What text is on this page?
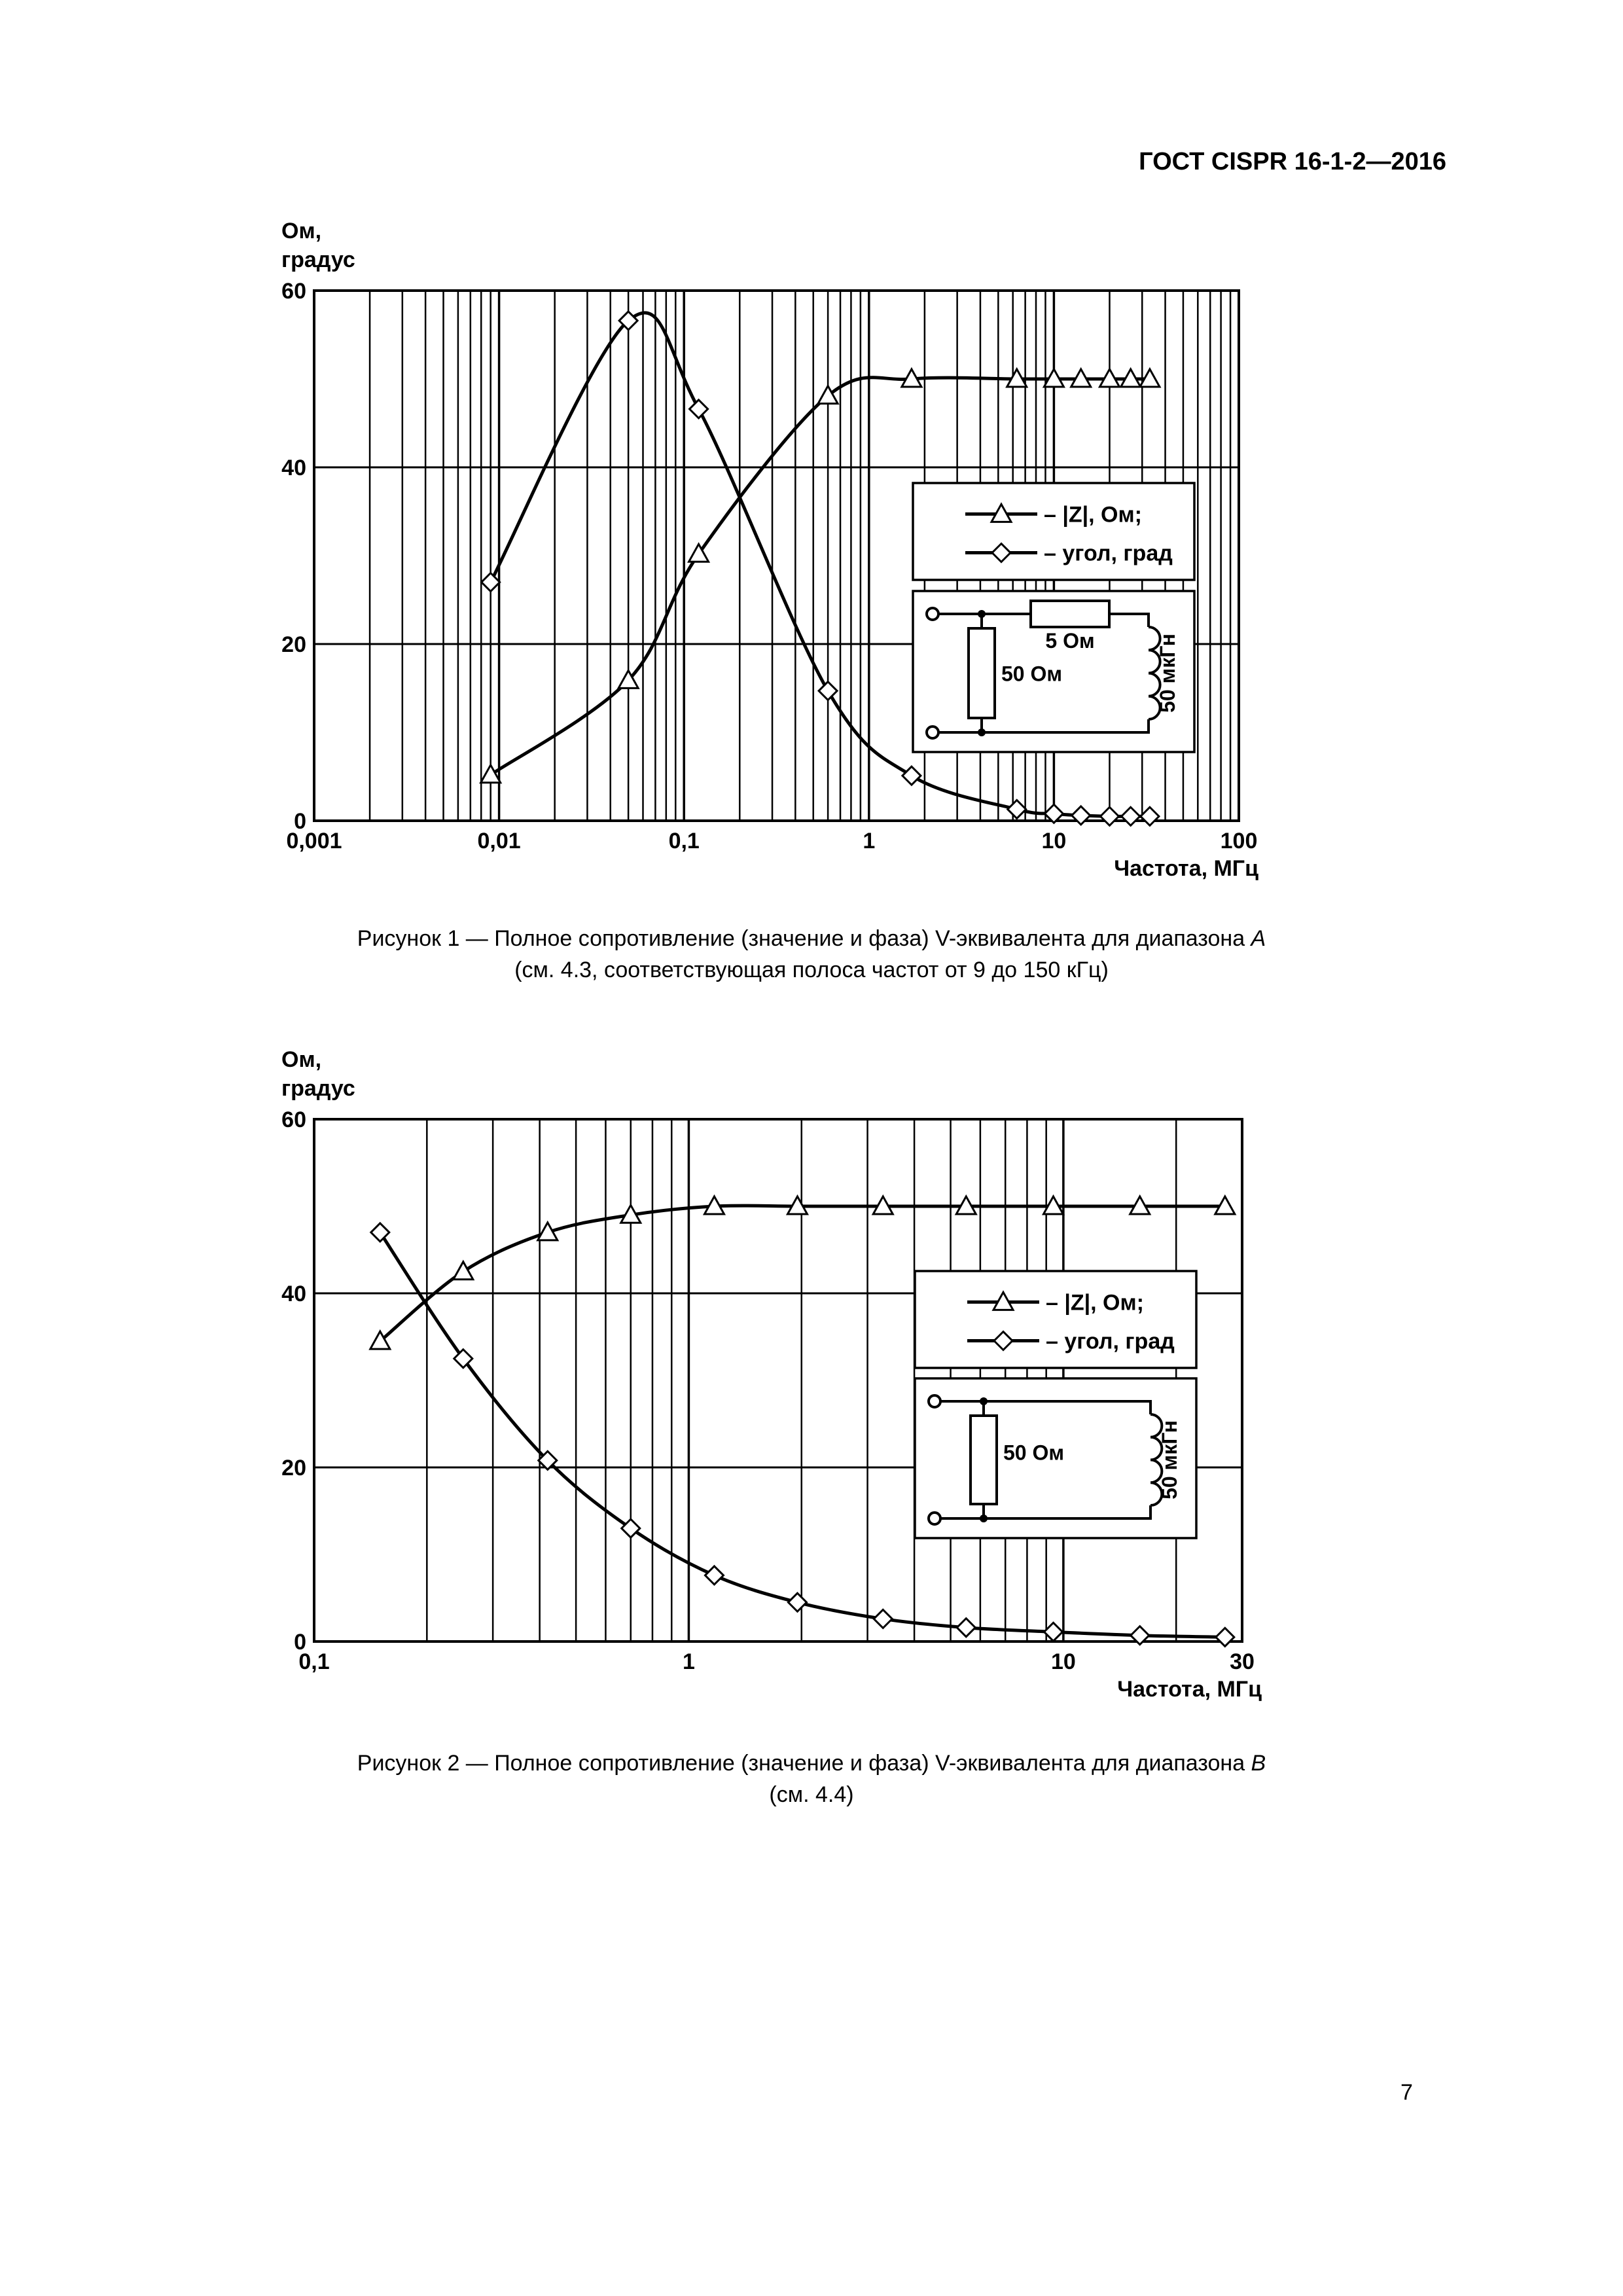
ГОСТ CISPR 16-1-2—2016
0,001	0,01	0,1	1	10	100
0
20
40
60
Ом,
градус
Частота, МГц
– |Z|, Ом;
– угол, град
5 Ом
50 Ом	50 мкГн
0,1	1	10	30
0
20
40
60
Ом,
градус
Частота, МГц
– |Z|, Ом;
– угол, град
50 Ом	50 мкГн
Рисунок 1 — Полное сопротивление (значение и фаза) V-эквивалента для диапазона A
(см. 4.3, соответствующая полоса частот от 9 до 150 кГц)
Рисунок 2 — Полное сопротивление (значение и фаза) V-эквивалента для диапазона B
(см. 4.4)
7
